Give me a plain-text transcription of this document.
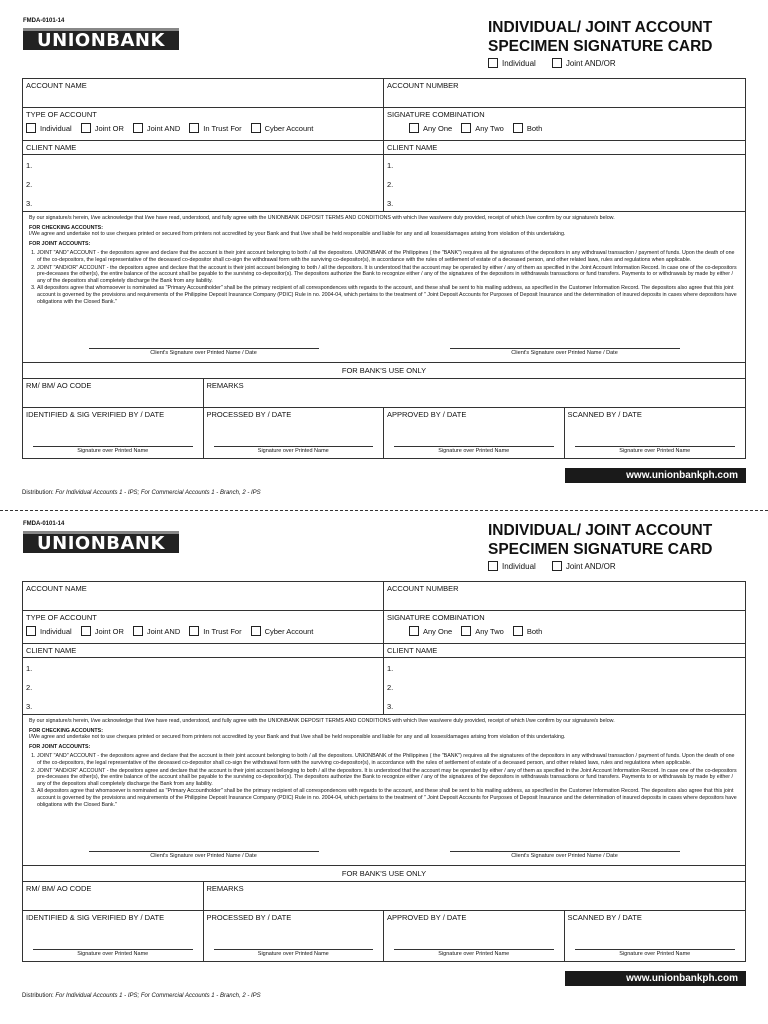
FMDA-0101-14
UNIONBANK
INDIVIDUAL/ JOINT ACCOUNT
SPECIMEN SIGNATURE CARD
Individual	Joint AND/OR
ACCOUNT NAME	ACCOUNT NUMBER
TYPE OF ACCOUNT
Individual	Joint OR	Joint AND	In Trust For	Cyber Account
SIGNATURE COMBINATION
Any One	Any Two	Both
CLIENT NAME	CLIENT NAME
1.
2.
3.
1.
2.
3.

By our signature/s herein, I/we acknowledge that I/we have read, understood, and fully agree with the UNIONBANK DEPOSIT TERMS AND CONDITIONS with which I/we was/were duly provided, receipt of which I/we confirm by our signature/s below.

FOR CHECKING ACCOUNTS:
I/We agree and undertake not to use cheques printed or secured from printers not accredited by your Bank and that I/we shall be held responsible and liable for any and all losses/damages arising from violation of this undertaking.

FOR JOINT ACCOUNTS:

1. JOINT "AND" ACCOUNT - the depositors agree and declare that the account is their joint account belonging to both / all the depositors. UNIONBANK of the Philippines ( the "BANK") requires all the signatures of the depositors in any withdrawal transaction / payment of funds. Upon the death of one of the co-depositors, the legal representative of the deceased co-depositor shall co-sign the withdrawal form with the surviving co-depositor(s), in accordance with the rules of settlement of estate of a deceased person, and other related laws, rules and regulations when applicable.
2. JOINT "AND/OR" ACCOUNT - the depositors agree and declare that the account is their joint account belonging to both / all the depositors. It is understood that the account may be operated by either / any of them as specified in the Joint Account Information Record. In case one of the co-depositors pre-deceases the other(s), the entire balance of the account shall be payable to the surviving co-depositor(s). The depositors authorize the Bank to recognize either / any of the signatures of the depositors in withdrawals transactions or fund transfers. Payments to or withdrawals by made by either / any of the depositors shall completely discharge the Bank from any liability.
3. All depositors agree that whomsoever is nominated as "Primary Accountholder" shall be the primary recipient of all correspondences with regards to the account, and these shall be sent to his mailing address, as specified in the Customer Information Record. The depositors also agree that this joint account is governed by the provisions and requirements of the Philippine Deposit Insurance Company (PDIC) Rule in no. 2004-04, which pertains to the treatment of " Joint Deposit Accounts for Purposes of Deposit Insurance and the determination of insured deposits in cases where depositors have obligations with the Closed Bank."
Client's Signature over Printed Name / Date	Client's Signature over Printed Name / Date
FOR BANK'S USE ONLY
RM/ BM/ AO CODE	REMARKS
IDENTIFIED & SIG VERIFIED BY / DATE
Signature over Printed Name
PROCESSED BY / DATE
Signature over Printed Name
APPROVED BY / DATE
Signature over Printed Name
SCANNED BY / DATE
Signature over Printed Name
www.unionbankph.com
Distribution: For Individual Accounts 1 - IPS; For Commercial Accounts 1 - Branch, 2 - IPS
FMDA-0101-14
UNIONBANK
INDIVIDUAL/ JOINT ACCOUNT
SPECIMEN SIGNATURE CARD
Individual	Joint AND/OR
ACCOUNT NAME	ACCOUNT NUMBER
TYPE OF ACCOUNT
Individual	Joint OR	Joint AND	In Trust For	Cyber Account
SIGNATURE COMBINATION
Any One	Any Two	Both
CLIENT NAME	CLIENT NAME
1.
2.
3.
1.
2.
3.

By our signature/s herein, I/we acknowledge that I/we have read, understood, and fully agree with the UNIONBANK DEPOSIT TERMS AND CONDITIONS with which I/we was/were duly provided, receipt of which I/we confirm by our signature/s below.

FOR CHECKING ACCOUNTS:
I/We agree and undertake not to use cheques printed or secured from printers not accredited by your Bank and that I/we shall be held responsible and liable for any and all losses/damages arising from violation of this undertaking.

FOR JOINT ACCOUNTS:

1. JOINT "AND" ACCOUNT - the depositors agree and declare that the account is their joint account belonging to both / all the depositors. UNIONBANK of the Philippines ( the "BANK") requires all the signatures of the depositors in any withdrawal transaction / payment of funds. Upon the death of one of the co-depositors, the legal representative of the deceased co-depositor shall co-sign the withdrawal form with the surviving co-depositor(s), in accordance with the rules of settlement of estate of a deceased person, and other related laws, rules and regulations when applicable.
2. JOINT "AND/OR" ACCOUNT - the depositors agree and declare that the account is their joint account belonging to both / all the depositors. It is understood that the account may be operated by either / any of them as specified in the Joint Account Information Record. In case one of the co-depositors pre-deceases the other(s), the entire balance of the account shall be payable to the surviving co-depositor(s). The depositors authorize the Bank to recognize either / any of the signatures of the depositors in withdrawals transactions or fund transfers. Payments to or withdrawals by made by either / any of the depositors shall completely discharge the Bank from any liability.
3. All depositors agree that whomsoever is nominated as "Primary Accountholder" shall be the primary recipient of all correspondences with regards to the account, and these shall be sent to his mailing address, as specified in the Customer Information Record. The depositors also agree that this joint account is governed by the provisions and requirements of the Philippine Deposit Insurance Company (PDIC) Rule in no. 2004-04, which pertains to the treatment of " Joint Deposit Accounts for Purposes of Deposit Insurance and the determination of insured deposits in cases where depositors have obligations with the Closed Bank."
Client's Signature over Printed Name / Date	Client's Signature over Printed Name / Date
FOR BANK'S USE ONLY
RM/ BM/ AO CODE	REMARKS
IDENTIFIED & SIG VERIFIED BY / DATE
Signature over Printed Name
PROCESSED BY / DATE
Signature over Printed Name
APPROVED BY / DATE
Signature over Printed Name
SCANNED BY / DATE
Signature over Printed Name
www.unionbankph.com
Distribution: For Individual Accounts 1 - IPS; For Commercial Accounts 1 - Branch, 2 - IPS
